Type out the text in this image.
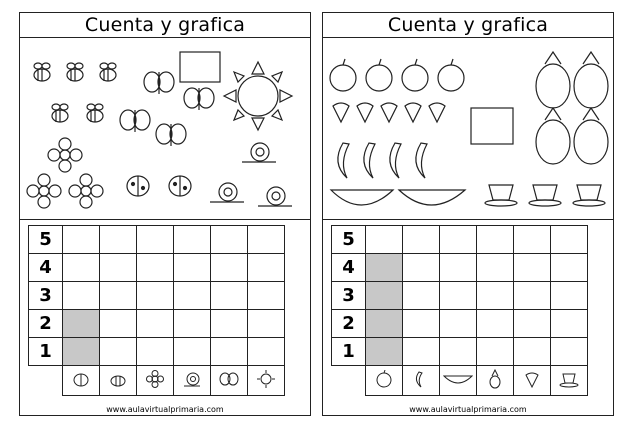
Cuenta y grafica
5						
4						
3						
2						
1						

www.aulavirtualprimaria.com
Cuenta y grafica
5						
4						
3						
2						
1						

www.aulavirtualprimaria.com
